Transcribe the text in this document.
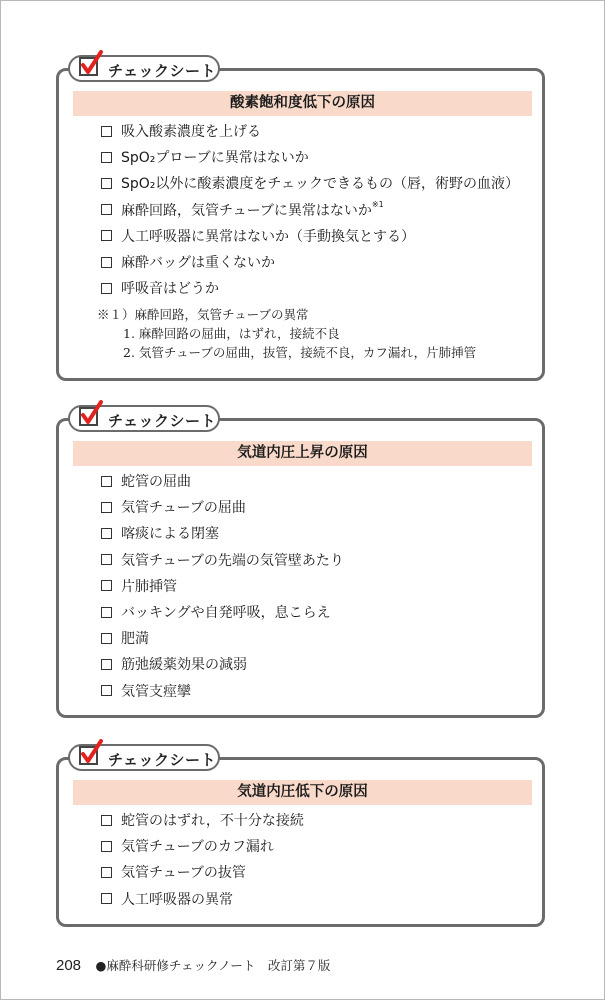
チェックシート
酸素飽和度低下の原因
吸入酸素濃度を上げる
SpO₂プローブに異常はないか
SpO₂以外に酸素濃度をチェックできるもの（唇，術野の血液）
麻酔回路，気管チューブに異常はないか$^{※1}$
人工呼吸器に異常はないか（手動換気とする）
麻酔バッグは重くないか
呼吸音はどうか
※１）麻酔回路，気管チューブの異常
1. 麻酔回路の屈曲，はずれ，接続不良
2. 気管チューブの屈曲，抜管，接続不良，カフ漏れ，片肺挿管
チェックシート
気道内圧上昇の原因
蛇管の屈曲
気管チューブの屈曲
喀痰による閉塞
気管チューブの先端の気管壁あたり
片肺挿管
バッキングや自発呼吸，息こらえ
肥満
筋弛緩薬効果の減弱
気管支痙攣
チェックシート
気道内圧低下の原因
蛇管のはずれ，不十分な接続
気管チューブのカフ漏れ
気管チューブの抜管
人工呼吸器の異常
208 ●麻酔科研修チェックノート　改訂第７版
